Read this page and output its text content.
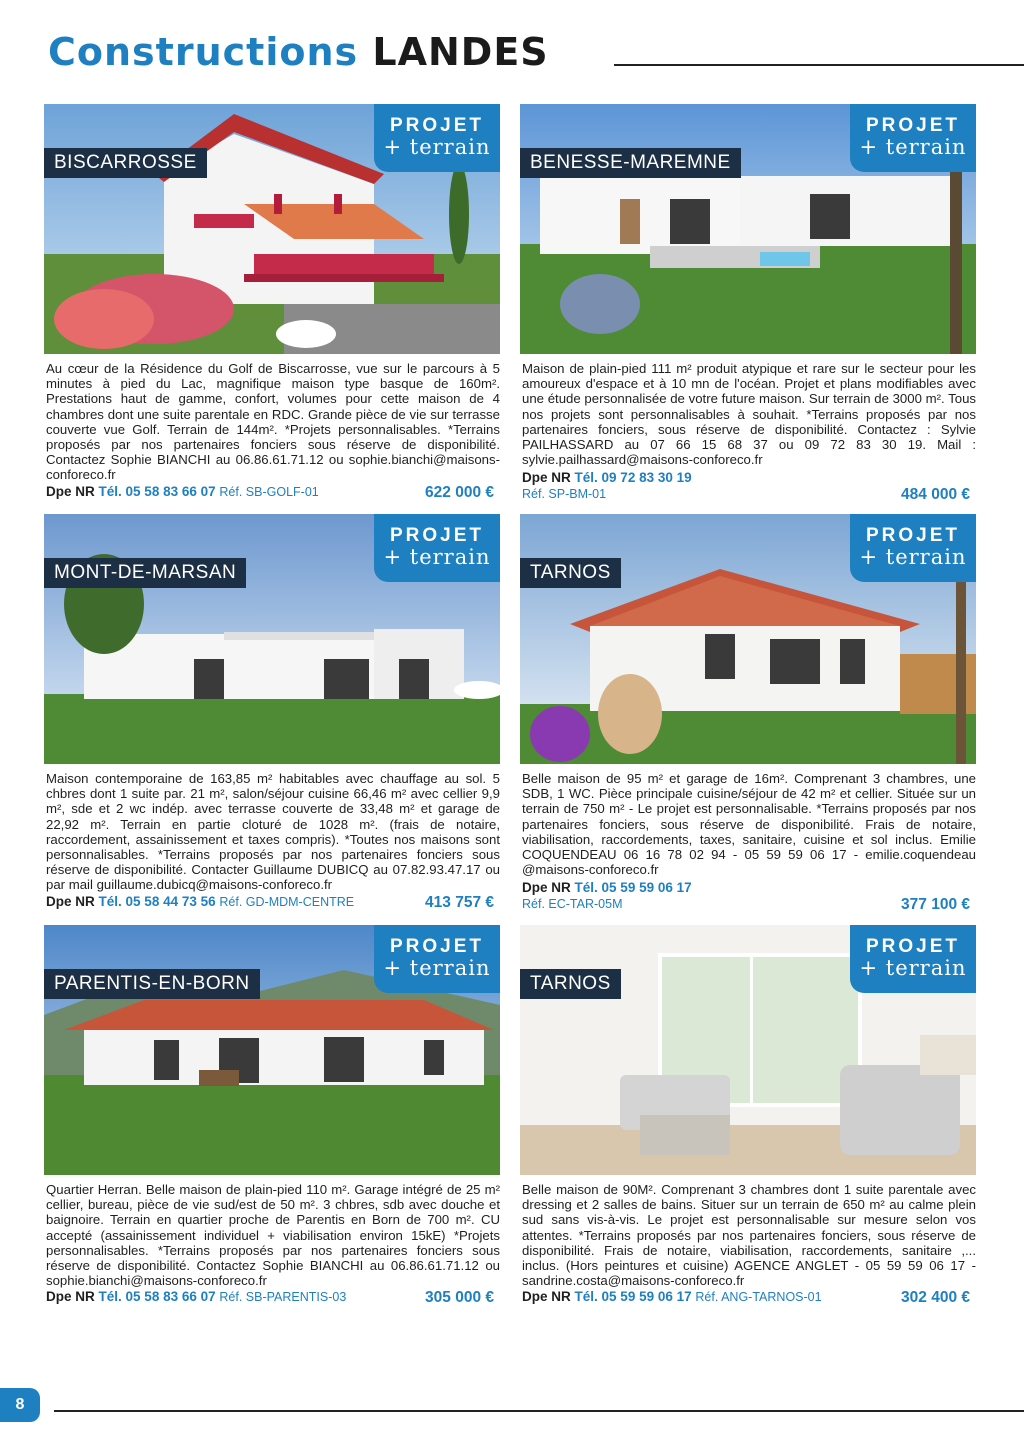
Constructions LANDES
BISCARROSSE
PROJET
+ terrain
Au cœur de la Résidence du Golf de Biscarrosse, vue sur le parcours à 5 minutes à pied du Lac, magnifique maison type basque de 160m². Prestations haut de gamme, confort, volumes pour cette maison de 4 chambres dont une suite parentale en RDC. Grande pièce de vie sur terrasse couverte vue Golf. Terrain de 144m². *Projets personnalisables. *Terrains proposés par nos partenaires fonciers sous réserve de disponibilité. Contactez Sophie BIANCHI au 06.86.61.71.12 ou sophie.bianchi@maisons-conforeco.fr
Dpe NR Tél. 05 58 83 66 07 Réf. SB-GOLF-01	622 000 €
BENESSE-MAREMNE
PROJET
+ terrain
Maison de plain-pied 111 m² produit atypique et rare sur le secteur pour les amoureux d'espace et à 10 mn de l'océan. Projet et plans modifiables avec une étude personnalisée de votre future maison. Sur terrain de 3000 m². Tous nos projets sont personnalisables à souhait. *Terrains proposés par nos partenaires fonciers, sous réserve de disponibilité. Contactez : Sylvie PAILHASSARD au 07 66 15 68 37 ou 09 72 83 30 19. Mail : sylvie.pailhassard@maisons-conforeco.fr
Dpe NR Tél. 09 72 83 30 19
Réf. SP-BM-01	484 000 €
MONT-DE-MARSAN
PROJET
+ terrain
Maison contemporaine de 163,85 m² habitables avec chauffage au sol. 5 chbres dont 1 suite par. 21 m², salon/séjour cuisine 66,46 m² avec cellier 9,9 m², sde et 2 wc indép. avec terrasse couverte de 33,48 m² et garage de 22,92 m². Terrain en partie cloturé de 1028 m². (frais de notaire, raccordement, assainissement et taxes compris). *Toutes nos maisons sont personnalisables. *Terrains proposés par nos partenaires fonciers sous réserve de disponibilité. Contacter Guillaume DUBICQ au 07.82.93.47.17 ou par mail guillaume.dubicq@maisons-conforeco.fr
Dpe NR Tél. 05 58 44 73 56 Réf. GD-MDM-CENTRE	413 757 €
TARNOS
PROJET
+ terrain
Belle maison de 95 m² et garage de 16m². Comprenant 3 chambres, une SDB, 1 WC. Pièce principale cuisine/séjour de 42 m² et cellier. Située sur un terrain de 750 m² - Le projet est personnalisable. *Terrains proposés par nos partenaires fonciers, sous réserve de disponibilité. Frais de notaire, viabilisation, raccordements, taxes, sanitaire, cuisine et sol inclus. Emilie COQUENDEAU 06 16 78 02 94 - 05 59 59 06 17 - emilie.coquendeau @maisons-conforeco.fr
Dpe NR Tél. 05 59 59 06 17
Réf. EC-TAR-05M	377 100 €
PARENTIS-EN-BORN
PROJET
+ terrain
Quartier Herran. Belle maison de plain-pied 110 m². Garage intégré de 25 m² cellier, bureau, pièce de vie sud/est de 50 m². 3 chbres, sdb avec douche et baignoire. Terrain en quartier proche de Parentis en Born de 700 m². CU accepté (assainissement individuel + viabilisation environ 15kE) *Projets personnalisables. *Terrains proposés par nos partenaires fonciers sous réserve de disponibilité. Contactez Sophie BIANCHI au 06.86.61.71.12 ou sophie.bianchi@maisons-conforeco.fr
Dpe NR Tél. 05 58 83 66 07 Réf. SB-PARENTIS-03	305 000 €
TARNOS
PROJET
+ terrain
Belle maison de 90M². Comprenant 3 chambres dont 1 suite parentale avec dressing et 2 salles de bains. Situer sur un terrain de 650 m² au calme plein sud sans vis-à-vis. Le projet est personnalisable sur mesure selon vos attentes. *Terrains proposés par nos partenaires fonciers, sous réserve de disponibilité. Frais de notaire, viabilisation, raccordements, sanitaire ,... inclus. (Hors peintures et cuisine) AGENCE ANGLET - 05 59 59 06 17 - sandrine.costa@maisons-conforeco.fr
Dpe NR Tél. 05 59 59 06 17 Réf. ANG-TARNOS-01	302 400 €
8
